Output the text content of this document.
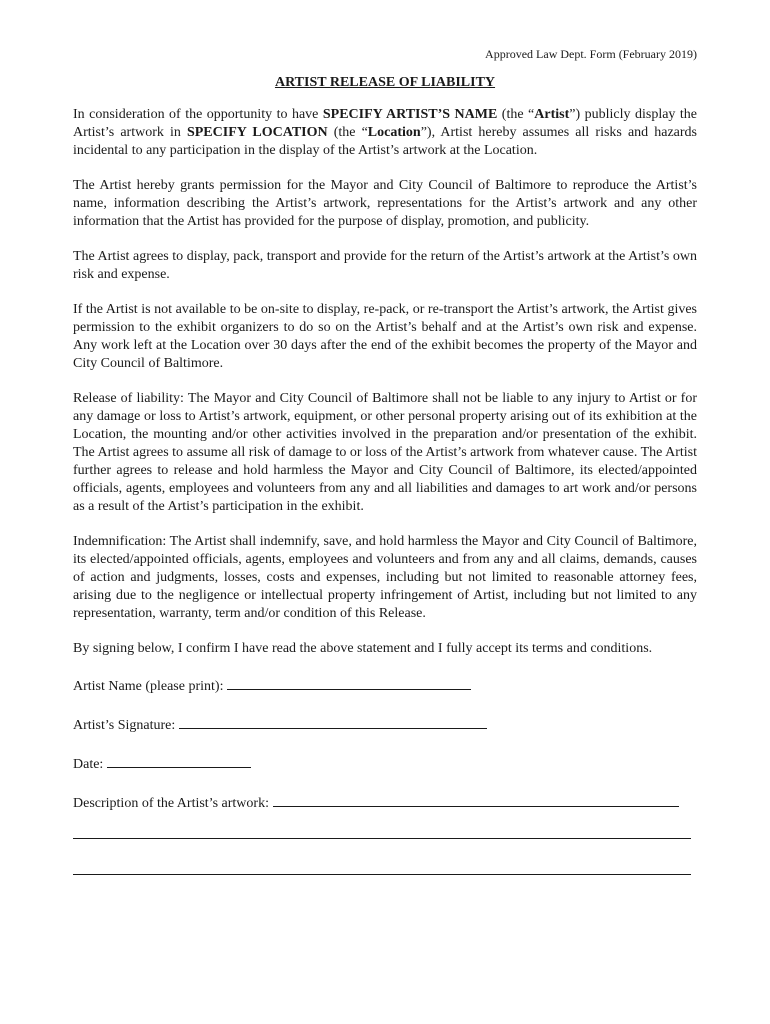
Approved Law Dept. Form (February 2019)
ARTIST RELEASE OF LIABILITY

In consideration of the opportunity to have SPECIFY ARTIST’S NAME (the “Artist”) publicly display the Artist’s artwork in SPECIFY LOCATION (the “Location”), Artist hereby assumes all risks and hazards incidental to any participation in the display of the Artist’s artwork at the Location.

The Artist hereby grants permission for the Mayor and City Council of Baltimore to reproduce the Artist’s name, information describing the Artist’s artwork, representations for the Artist’s artwork and any other information that the Artist has provided for the purpose of display, promotion, and publicity.

The Artist agrees to display, pack, transport and provide for the return of the Artist’s artwork at the Artist’s own risk and expense.

If the Artist is not available to be on-site to display, re-pack, or re-transport the Artist’s artwork, the Artist gives permission to the exhibit organizers to do so on the Artist’s behalf and at the Artist’s own risk and expense. Any work left at the Location over 30 days after the end of the exhibit becomes the property of the Mayor and City Council of Baltimore.

Release of liability: The Mayor and City Council of Baltimore shall not be liable to any injury to Artist or for any damage or loss to Artist’s artwork, equipment, or other personal property arising out of its exhibition at the Location, the mounting and/or other activities involved in the preparation and/or presentation of the exhibit. The Artist agrees to assume all risk of damage to or loss of the Artist’s artwork from whatever cause. The Artist further agrees to release and hold harmless the Mayor and City Council of Baltimore, its elected/appointed officials, agents, employees and volunteers from any and all liabilities and damages to art work and/or persons as a result of the Artist’s participation in the exhibit.

Indemnification: The Artist shall indemnify, save, and hold harmless the Mayor and City Council of Baltimore, its elected/appointed officials, agents, employees and volunteers and from any and all claims, demands, causes of action and judgments, losses, costs and expenses, including but not limited to reasonable attorney fees, arising due to the negligence or intellectual property infringement of Artist, including but not limited to any representation, warranty, term and/or condition of this Release.

By signing below, I confirm I have read the above statement and I fully accept its terms and conditions.

Artist Name (please print):
Artist’s Signature:
Date:
Description of the Artist’s artwork:
